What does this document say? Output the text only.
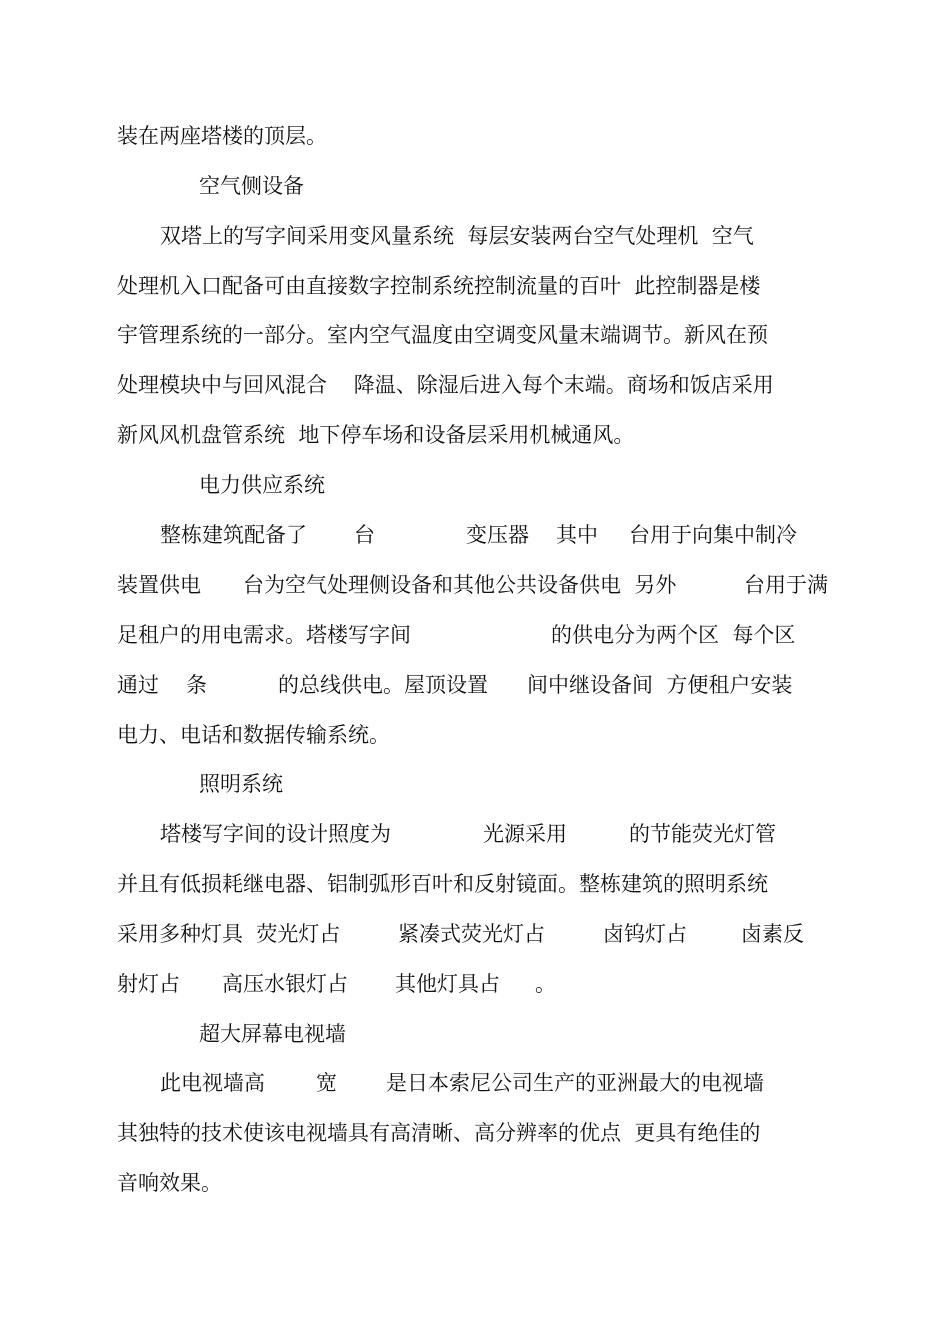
装在两座塔楼的顶层。
空气侧设备
双塔上的写字间采用变风量系统  每层安装两台空气处理机  空气
处理机入口配备可由直接数字控制系统控制流量的百叶  此控制器是楼
宇管理系统的一部分。室内空气温度由空调变风量末端调节。新风在预
处理模块中与回风混合    降温、除湿后进入每个末端。商场和饭店采用
新风风机盘管系统  地下停车场和设备层采用机械通风。
电力供应系统

整栋建筑配备了

台

	变压器

其中

台用于向集中制冷

装置供电

台为空气处理侧设备和其他公共设备供电  另外

	台用于满

足租户的用电需求。塔楼写字间

	的供电分为两个区  每个区

通过

条

	的总线供电。屋顶设置

间中继设备间  方便租户安装

电力、电话和数据传输系统。
照明系统

塔楼写字间的设计照度为

	光源采用

	的节能荧光灯管

并且有低损耗继电器、铝制弧形百叶和反射镜面。整栋建筑的照明系统

采用多种灯具  荧光灯占

	紧凑式荧光灯占

	卤钨灯占

	卤素反

射灯占

高压水银灯占

其他灯具占

。

超大屏幕电视墙

此电视墙高

宽

是日本索尼公司生产的亚洲最大的电视墙

其独特的技术使该电视墙具有高清晰、高分辨率的优点  更具有绝佳的
音响效果。
